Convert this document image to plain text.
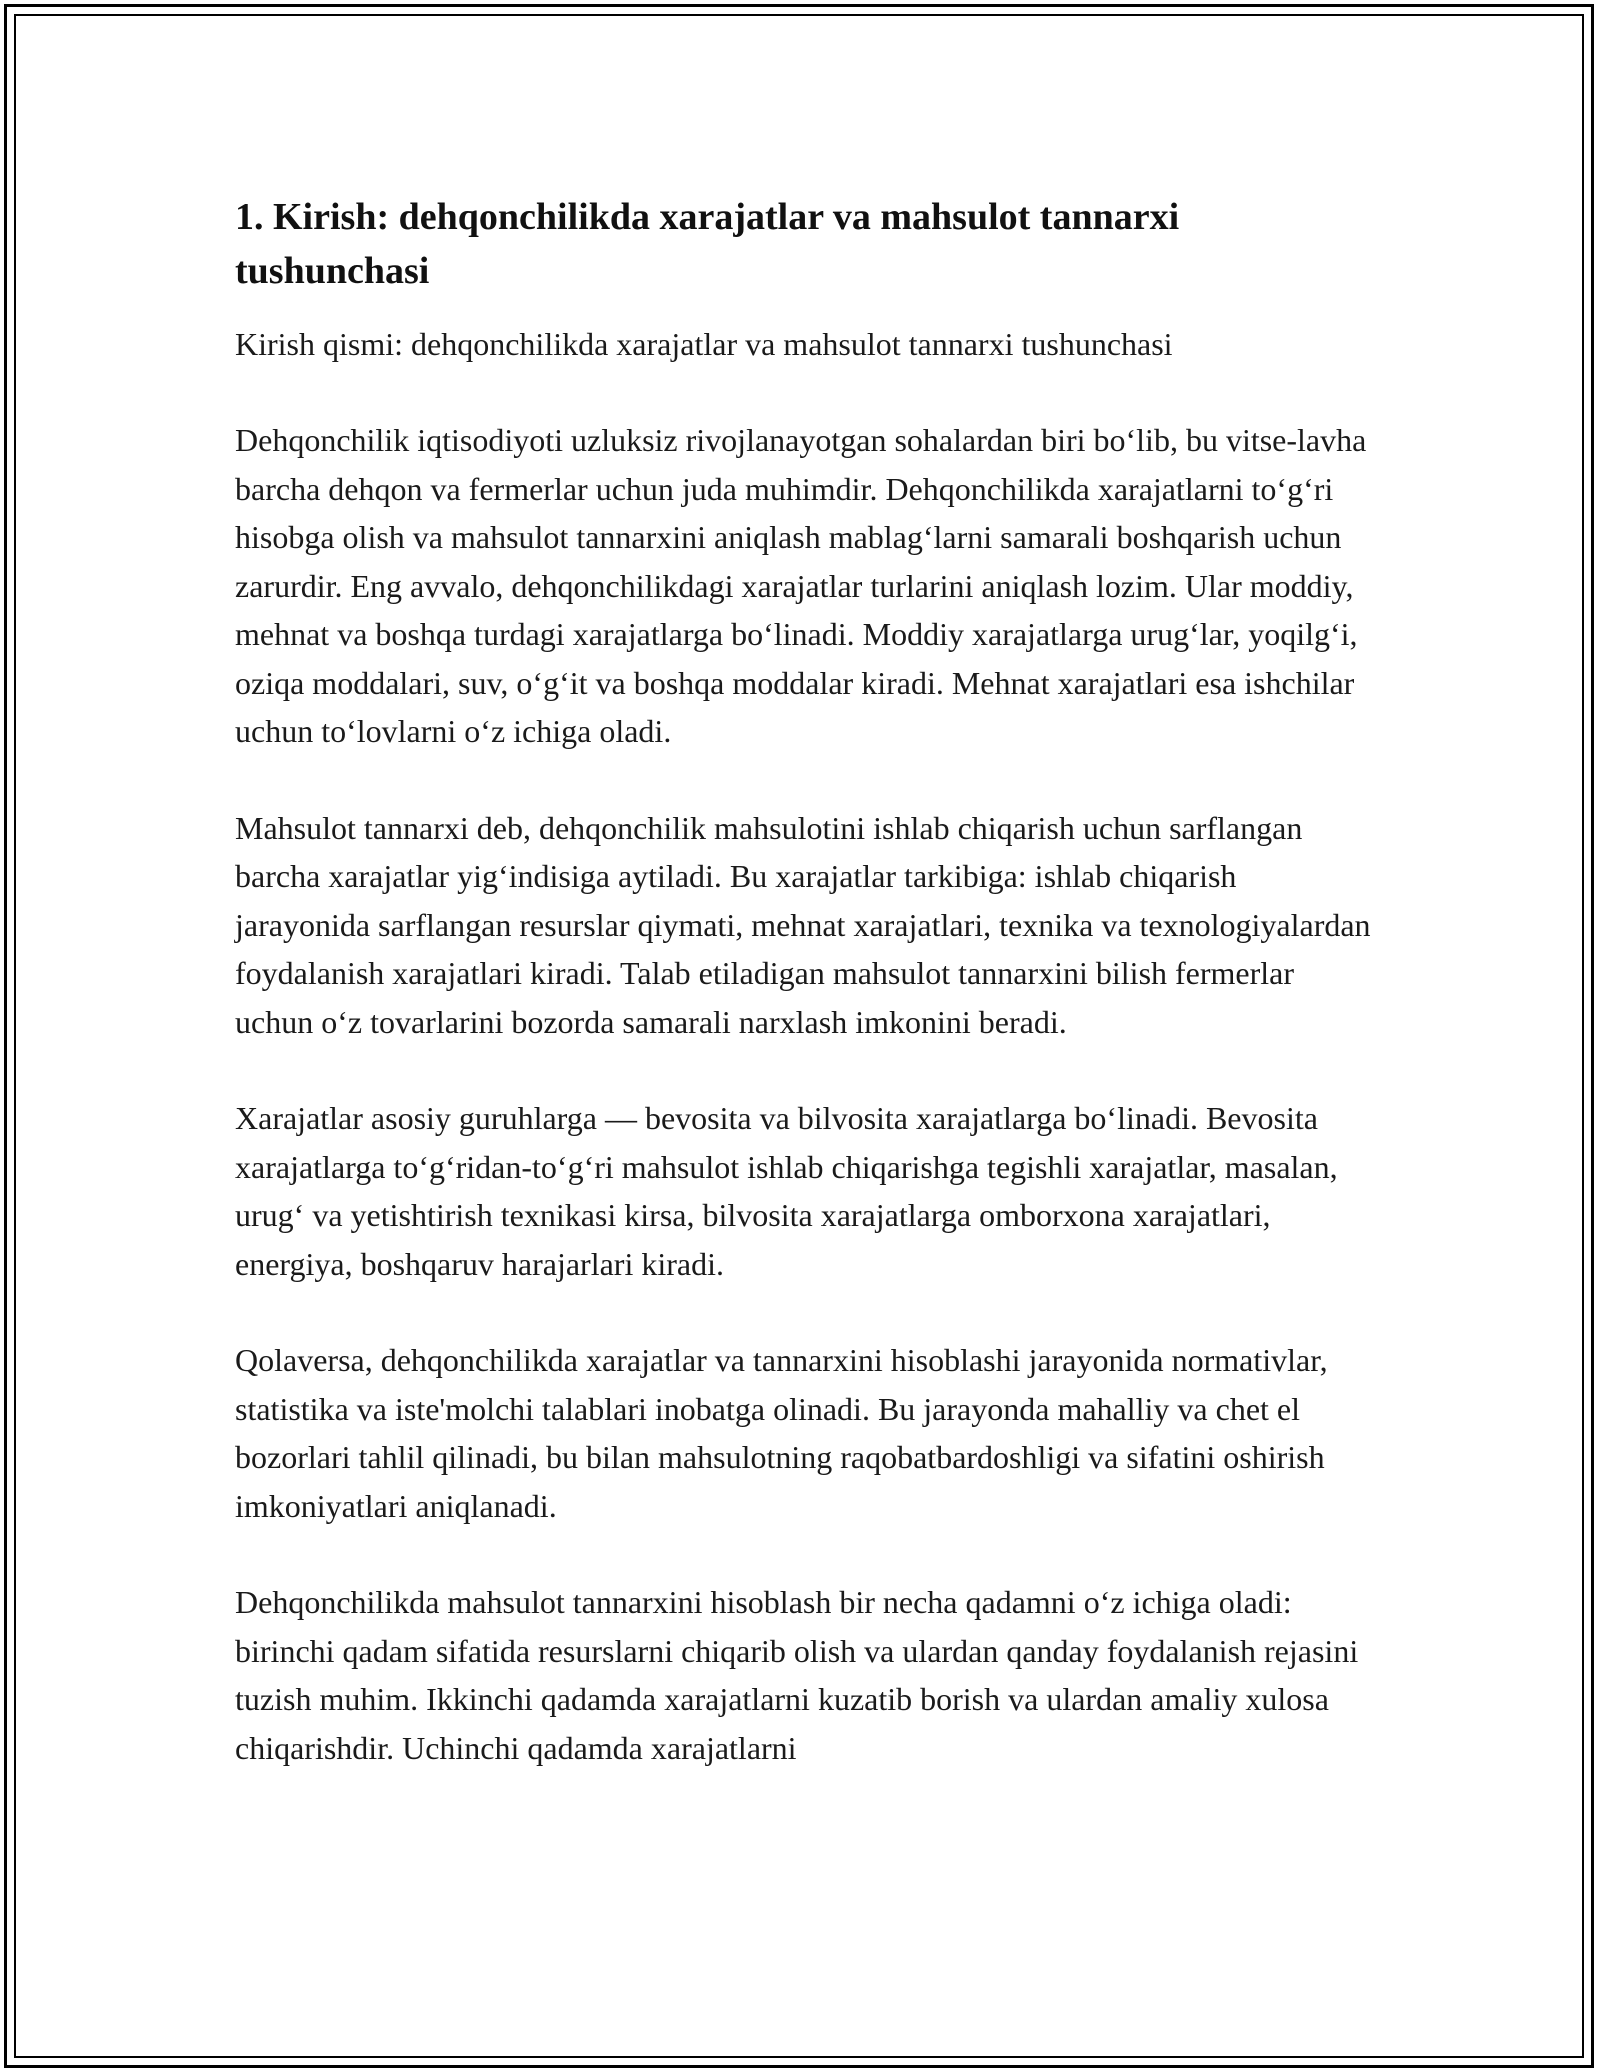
1. Kirish: dehqonchilikda xarajatlar va mahsulot tannarxi tushunchasi

Kirish qismi: dehqonchilikda xarajatlar va mahsulot tannarxi tushunchasi

Dehqonchilik iqtisodiyoti uzluksiz rivojlanayotgan sohalardan biri bo‘lib, bu vitse-lavha barcha dehqon va fermerlar uchun juda muhimdir. Dehqonchilikda xarajatlarni to‘g‘ri hisobga olish va mahsulot tannarxini aniqlash mablag‘larni samarali boshqarish uchun zarurdir. Eng avvalo, dehqonchilikdagi xarajatlar turlarini aniqlash lozim. Ular moddiy, mehnat va boshqa turdagi xarajatlarga bo‘linadi. Moddiy xarajatlarga urug‘lar, yoqilg‘i, oziqa moddalari, suv, o‘g‘it va boshqa moddalar kiradi. Mehnat xarajatlari esa ishchilar uchun to‘lovlarni o‘z ichiga oladi.

Mahsulot tannarxi deb, dehqonchilik mahsulotini ishlab chiqarish uchun sarflangan barcha xarajatlar yig‘indisiga aytiladi. Bu xarajatlar tarkibiga: ishlab chiqarish jarayonida sarflangan resurslar qiymati, mehnat xarajatlari, texnika va texnologiyalardan foydalanish xarajatlari kiradi. Talab etiladigan mahsulot tannarxini bilish fermerlar uchun o‘z tovarlarini bozorda samarali narxlash imkonini beradi.

Xarajatlar asosiy guruhlarga — bevosita va bilvosita xarajatlarga bo‘linadi. Bevosita xarajatlarga to‘g‘ridan-to‘g‘ri mahsulot ishlab chiqarishga tegishli xarajatlar, masalan, urug‘ va yetishtirish texnikasi kirsa, bilvosita xarajatlarga omborxona xarajatlari, energiya, boshqaruv harajarlari kiradi.

Qolaversa, dehqonchilikda xarajatlar va tannarxini hisoblashi jarayonida normativlar, statistika va iste'molchi talablari inobatga olinadi. Bu jarayonda mahalliy va chet el bozorlari tahlil qilinadi, bu bilan mahsulotning raqobatbardoshligi va sifatini oshirish imkoniyatlari aniqlanadi.

Dehqonchilikda mahsulot tannarxini hisoblash bir necha qadamni o‘z ichiga oladi: birinchi qadam sifatida resurslarni chiqarib olish va ulardan qanday foydalanish rejasini tuzish muhim. Ikkinchi qadamda xarajatlarni kuzatib borish va ulardan amaliy xulosa chiqarishdir. Uchinchi qadamda xarajatlarni
